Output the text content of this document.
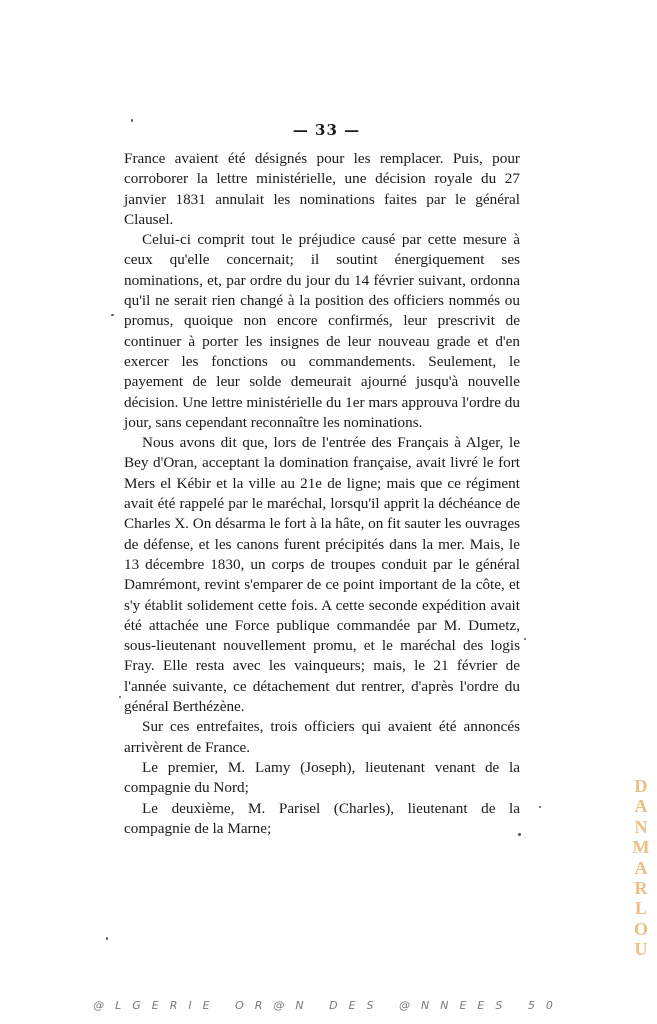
— 33 —

France avaient été désignés pour les remplacer. Puis, pour corroborer la lettre ministérielle, une décision royale du 27 janvier 1831 annulait les nominations faites par le général Clausel.

Celui-ci comprit tout le préjudice causé par cette mesure à ceux qu'elle concernait; il soutint énergiquement ses nominations, et, par ordre du jour du 14 février suivant, ordonna qu'il ne serait rien changé à la position des officiers nommés ou promus, quoique non encore confirmés, leur prescrivit de continuer à porter les insignes de leur nouveau grade et d'en exercer les fonctions ou commandements. Seulement, le payement de leur solde demeurait ajourné jusqu'à nouvelle décision. Une lettre ministérielle du 1er mars approuva l'ordre du jour, sans cependant reconnaître les nominations.

Nous avons dit que, lors de l'entrée des Français à Alger, le Bey d'Oran, acceptant la domination française, avait livré le fort Mers el Kébir et la ville au 21e de ligne; mais que ce régiment avait été rappelé par le maréchal, lorsqu'il apprit la déchéance de Charles X. On désarma le fort à la hâte, on fit sauter les ouvrages de défense, et les canons furent précipités dans la mer. Mais, le 13 décembre 1830, un corps de troupes conduit par le général Damrémont, revint s'emparer de ce point important de la côte, et s'y établit solidement cette fois. A cette seconde expédition avait été attachée une Force publique commandée par M. Dumetz, sous-lieutenant nouvellement promu, et le maréchal des logis Fray. Elle resta avec les vainqueurs; mais, le 21 février de l'année suivante, ce détachement dut rentrer, d'après l'ordre du général Berthézène.

Sur ces entrefaites, trois officiers qui avaient été annoncés arrivèrent de France.

Le premier, M. Lamy (Joseph), lieutenant venant de la compagnie du Nord;

Le deuxième, M. Parisel (Charles), lieutenant de la compagnie de la Marne;

D
A
N
M
A
R
L
O
U
@LGERIE OR@N DES @NNEES 50
